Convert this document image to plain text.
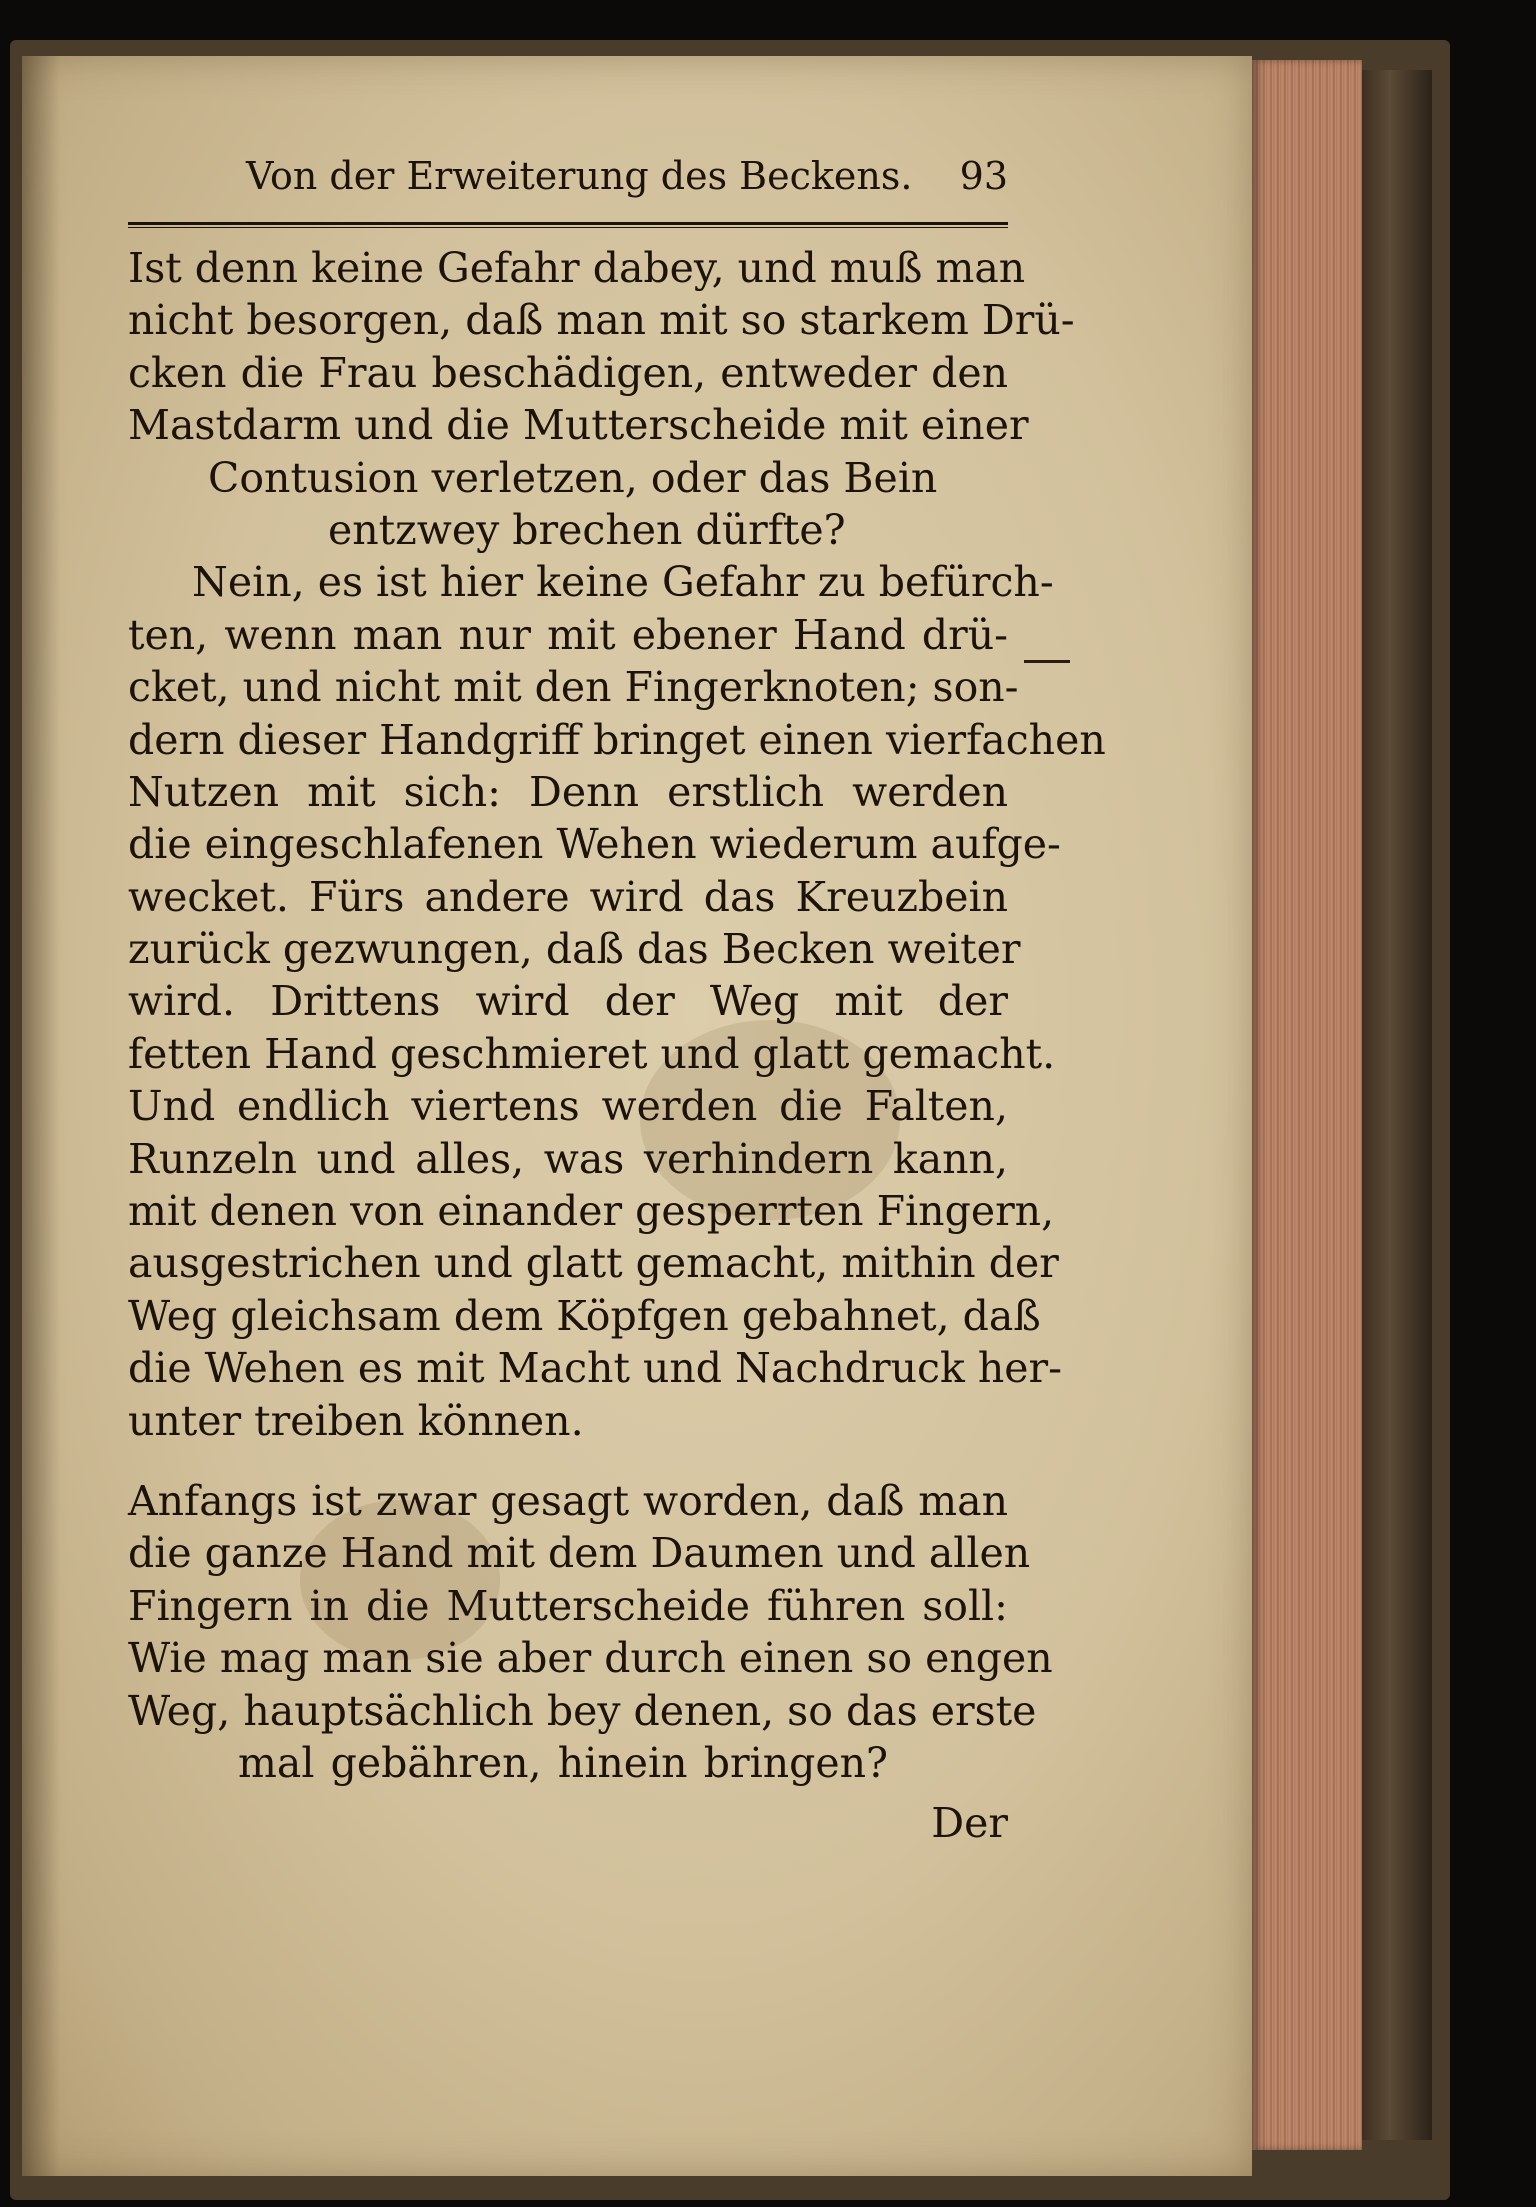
Von der Erweiterung des Beckens. 93
Ist denn keine Gefahr dabey, und muß man
nicht besorgen, daß man mit so starkem Drü-
cken die Frau beschädigen, entweder den
Mastdarm und die Mutterscheide mit einer
Contusion verletzen, oder das Bein
entzwey brechen dürfte?
Nein, es ist hier keine Gefahr zu befürch-
ten, wenn man nur mit ebener Hand drü-
cket, und nicht mit den Fingerknoten; son-
dern dieser Handgriff bringet einen vierfachen
Nutzen mit sich: Denn erstlich werden
die eingeschlafenen Wehen wiederum aufge-
wecket. Fürs andere wird das Kreuzbein
zurück gezwungen, daß das Becken weiter
wird. Drittens wird der Weg mit der
fetten Hand geschmieret und glatt gemacht.
Und endlich viertens werden die Falten,
Runzeln und alles, was verhindern kann,
mit denen von einander gesperrten Fingern,
ausgestrichen und glatt gemacht, mithin der
Weg gleichsam dem Köpfgen gebahnet, daß
die Wehen es mit Macht und Nachdruck her-
unter treiben können.
Anfangs ist zwar gesagt worden, daß man
die ganze Hand mit dem Daumen und allen
Fingern in die Mutterscheide führen soll:
Wie mag man sie aber durch einen so engen
Weg, hauptsächlich bey denen, so das erste
mal gebähren, hinein bringen?
Der
